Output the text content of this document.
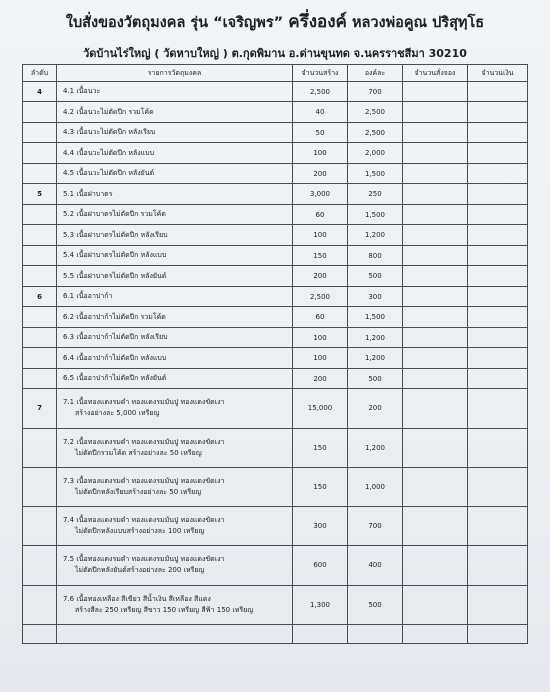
ใบสั่งของวัตถุมงคล รุ่น “เจริญพร” ครึ่งองค์ หลวงพ่อคูณ ปริสุทฺโธ
วัดบ้านไร่ใหญ่ ( วัดหาบใหญ่ ) ต.กุดพิมาน อ.ด่านขุนทด จ.นครราชสีมา 30210
ลำดับ	รายการวัตถุมงคล	จำนวนสร้าง	องค์ละ	จำนวนสั่งจอง	จำนวนเงิน
4	4.1 เนื้อนวะ	2,500	700		
	4.2 เนื้อนวะไม่ตัดปีก รวมโค้ด	40	2,500		
	4.3 เนื้อนวะไม่ตัดปีก หลังเรียบ	50	2,500		
	4.4 เนื้อนวะไม่ตัดปีก หลังแบบ	100	2,000		
	4.5 เนื้อนวะไม่ตัดปีก หลังยันต์	200	1,500		
5	5.1 เนื้อฝาบาตร	3,000	250		
	5.2 เนื้อฝาบาตรไม่ตัดปีก รวมโค้ด	60	1,500		
	5.3 เนื้อฝาบาตรไม่ตัดปีก หลังเรียบ	100	1,200		
	5.4 เนื้อฝาบาตรไม่ตัดปีก หลังแบบ	150	800		
	5.5 เนื้อฝาบาตรไม่ตัดปีก หลังยันต์	200	500		
6	6.1 เนื้ออาปาก้า	2,500	300		
	6.2 เนื้ออาปาก้าไม่ตัดปีก รวมโค้ด	60	1,500		
	6.3 เนื้ออาปาก้าไม่ตัดปีก หลังเรียบ	100	1,200		
	6.4 เนื้ออาปาก้าไม่ตัดปีก หลังแบบ	100	1,200		
	6.5 เนื้ออาปาก้าไม่ตัดปีก หลังยันต์	200	500		
7	7.1 เนื้อทองแดงรมดำ ทองแดงรมมันปู ทองแดงขัดเงา
สร้างอย่างละ 5,000 เหรียญ	15,000	200		
	7.2 เนื้อทองแดงรมดำ ทองแดงรมมันปู ทองแดงขัดเงา
ไม่ตัดปีกรวมโค้ด สร้างอย่างละ 50 เหรียญ	150	1,200		
	7.3 เนื้อทองแดงรมดำ ทองแดงรมมันปู ทองแดงขัดเงา
ไม่ตัดปีกหลังเรียบสร้างอย่างละ 50 เหรียญ	150	1,000		
	7.4 เนื้อทองแดงรมดำ ทองแดงรมมันปู ทองแดงขัดเงา
ไม่ตัดปีกหลังแบบสร้างอย่างละ 100 เหรียญ	300	700		
	7.5 เนื้อทองแดงรมดำ ทองแดงรมมันปู ทองแดงขัดเงา
ไม่ตัดปีกหลังยันต์สร้างอย่างละ 200 เหรียญ	600	400		
	7.6 เนื้อทองเหลือง สีเขียว สีน้ำเงิน สีเหลือง สีแดง
สร้างสีละ 250 เหรียญ สีขาว 150 เหรียญ สีฟ้า 150 เหรียญ	1,300	500		
